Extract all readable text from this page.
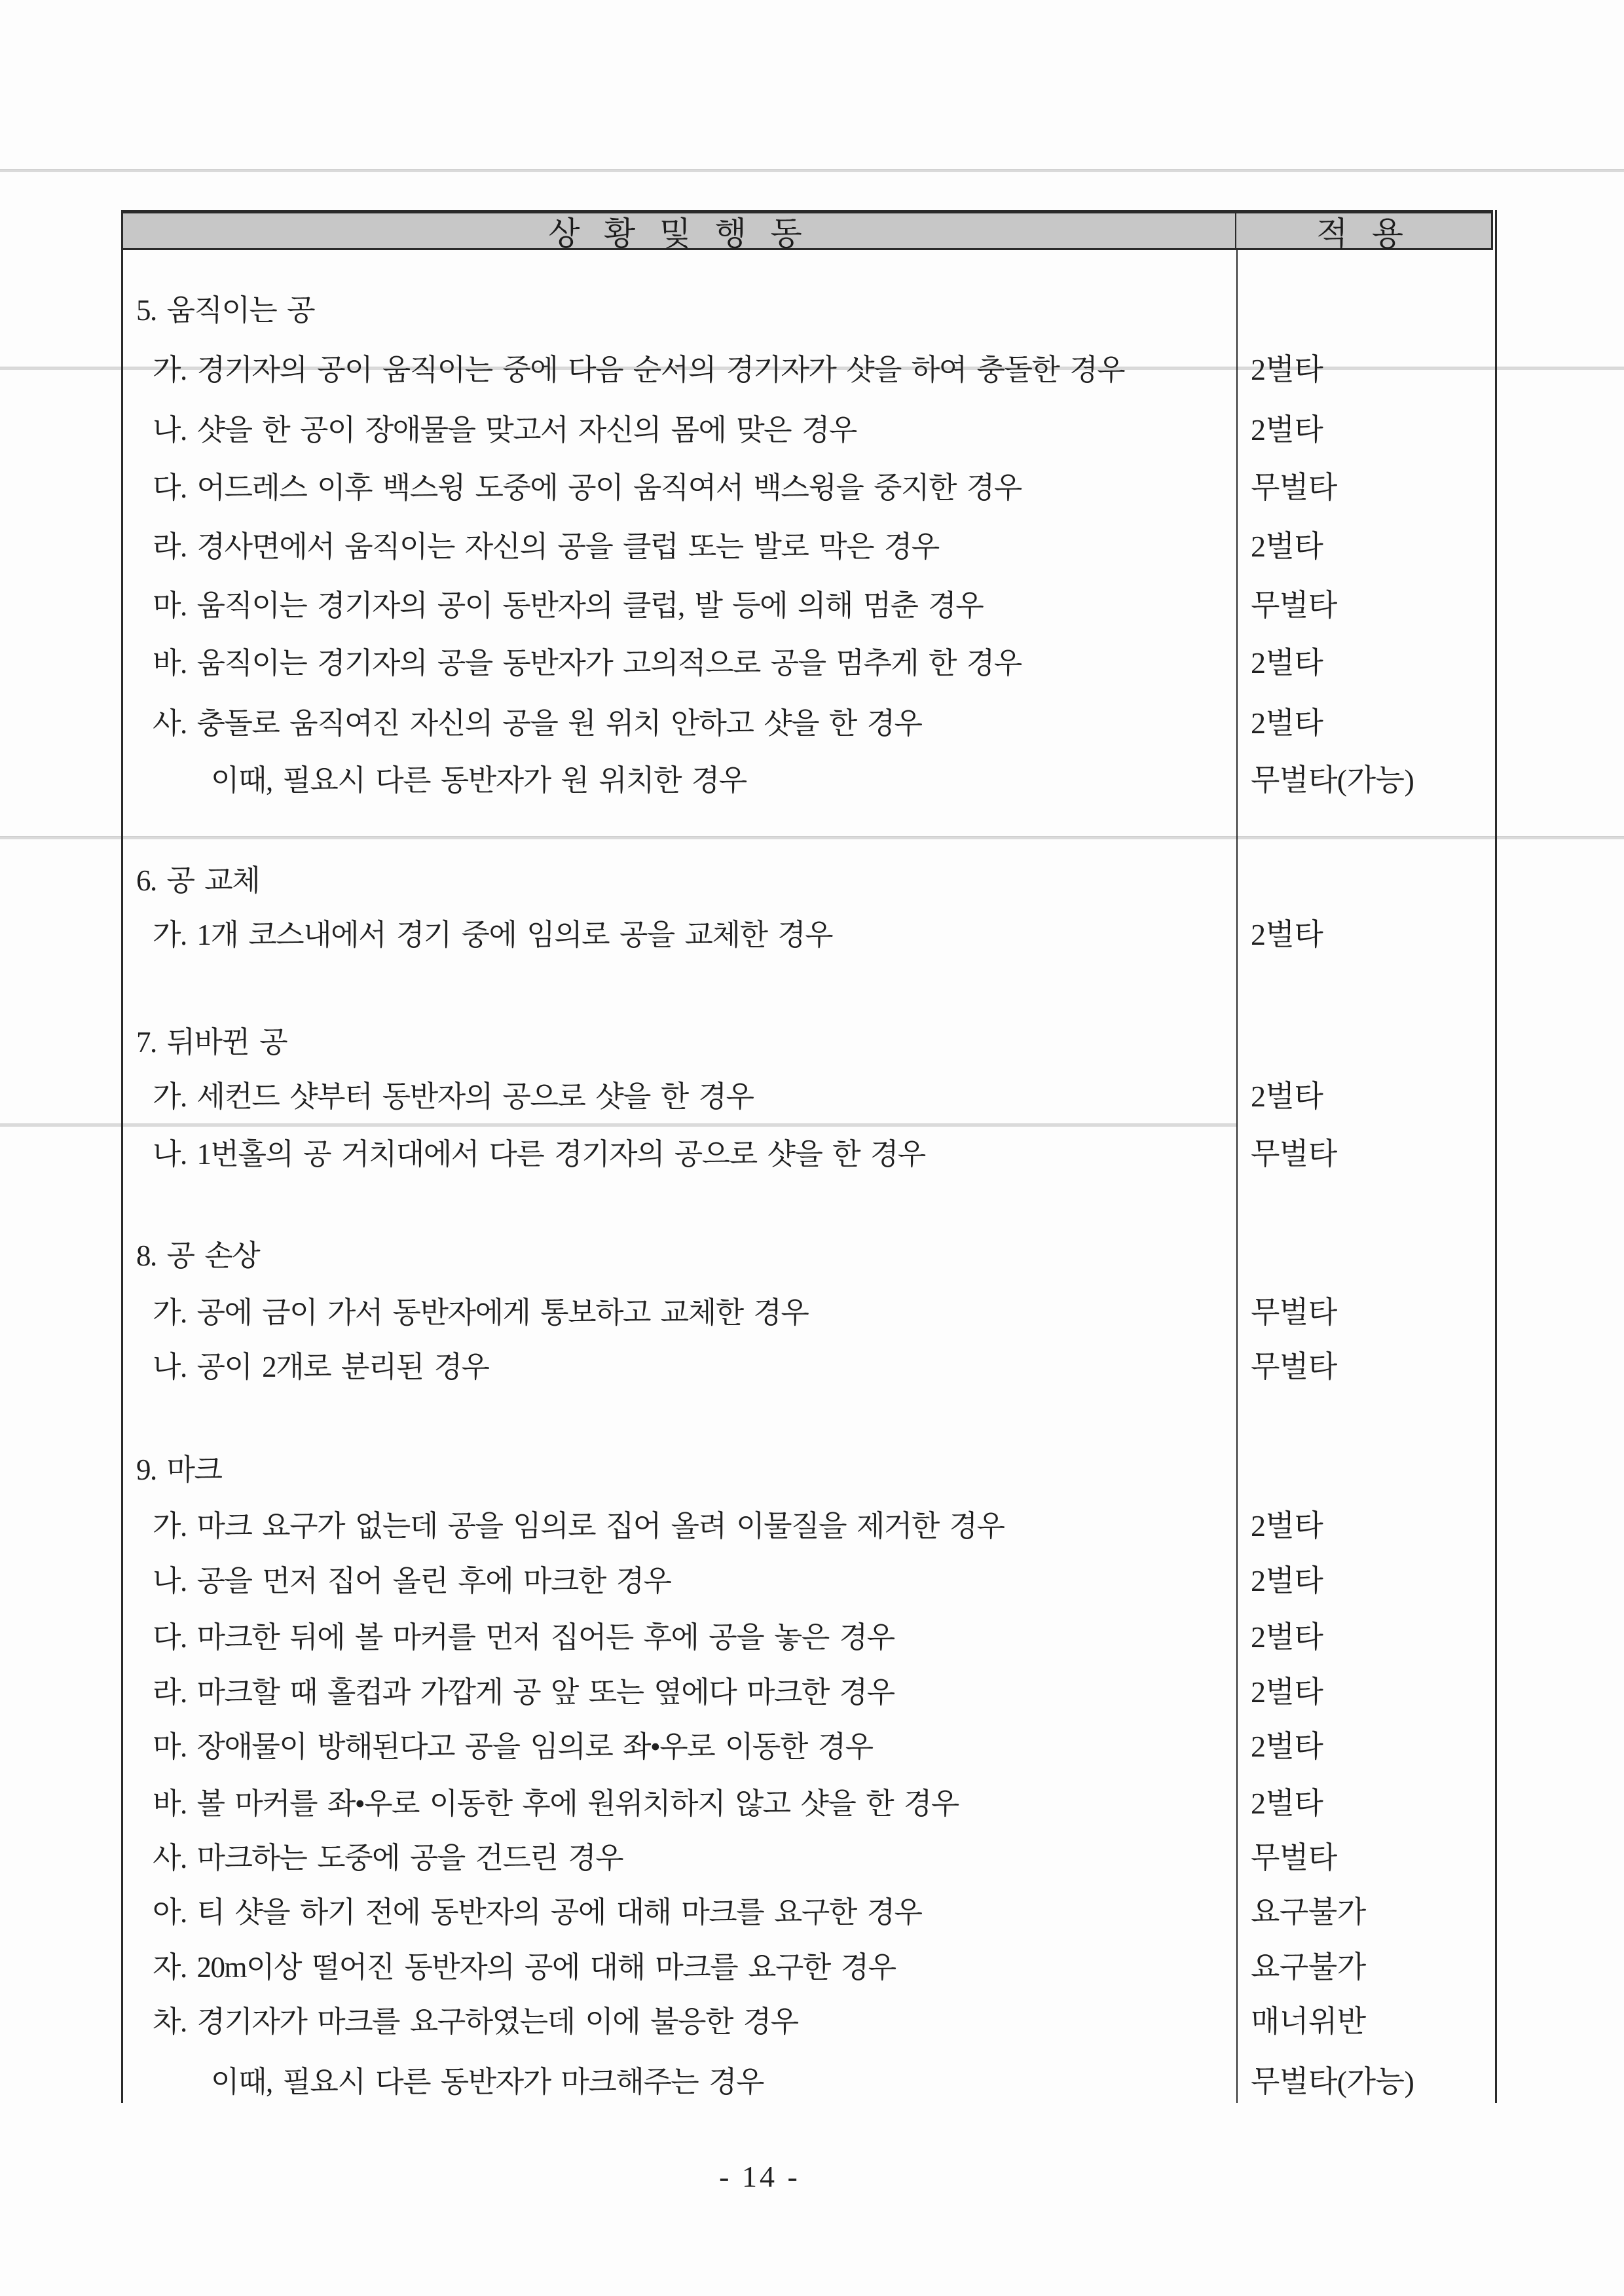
상 황 및 행 동	적 용
5. 움직이는 공
가. 경기자의 공이 움직이는 중에 다음 순서의 경기자가 샷을 하여 충돌한 경우	2벌타
나. 샷을 한 공이 장애물을 맞고서 자신의 몸에 맞은 경우	2벌타
다. 어드레스 이후 백스윙 도중에 공이 움직여서 백스윙을 중지한 경우	무벌타
라. 경사면에서 움직이는 자신의 공을 클럽 또는 발로 막은 경우	2벌타
마. 움직이는 경기자의 공이 동반자의 클럽, 발 등에 의해 멈춘 경우	무벌타
바. 움직이는 경기자의 공을 동반자가 고의적으로 공을 멈추게 한 경우	2벌타
사. 충돌로 움직여진 자신의 공을 원 위치 안하고 샷을 한 경우	2벌타
이때, 필요시 다른 동반자가 원 위치한 경우	무벌타(가능)
6. 공 교체
가. 1개 코스내에서 경기 중에 임의로 공을 교체한 경우	2벌타
7. 뒤바뀐 공
가. 세컨드 샷부터 동반자의 공으로 샷을 한 경우	2벌타
나. 1번홀의 공 거치대에서 다른 경기자의 공으로 샷을 한 경우	무벌타
8. 공 손상
가. 공에 금이 가서 동반자에게 통보하고 교체한 경우	무벌타
나. 공이 2개로 분리된 경우	무벌타
9. 마크
가. 마크 요구가 없는데 공을 임의로 집어 올려 이물질을 제거한 경우	2벌타
나. 공을 먼저 집어 올린 후에 마크한 경우	2벌타
다. 마크한 뒤에 볼 마커를 먼저 집어든 후에 공을 놓은 경우	2벌타
라. 마크할 때 홀컵과 가깝게 공 앞 또는 옆에다 마크한 경우	2벌타
마. 장애물이 방해된다고 공을 임의로 좌•우로 이동한 경우	2벌타
바. 볼 마커를 좌•우로 이동한 후에 원위치하지 않고 샷을 한 경우	2벌타
사. 마크하는 도중에 공을 건드린 경우	무벌타
아. 티 샷을 하기 전에 동반자의 공에 대해 마크를 요구한 경우	요구불가
자. 20m이상 떨어진 동반자의 공에 대해 마크를 요구한 경우	요구불가
차. 경기자가 마크를 요구하였는데 이에 불응한 경우	매너위반
이때, 필요시 다른 동반자가 마크해주는 경우	무벌타(가능)
- 14 -
